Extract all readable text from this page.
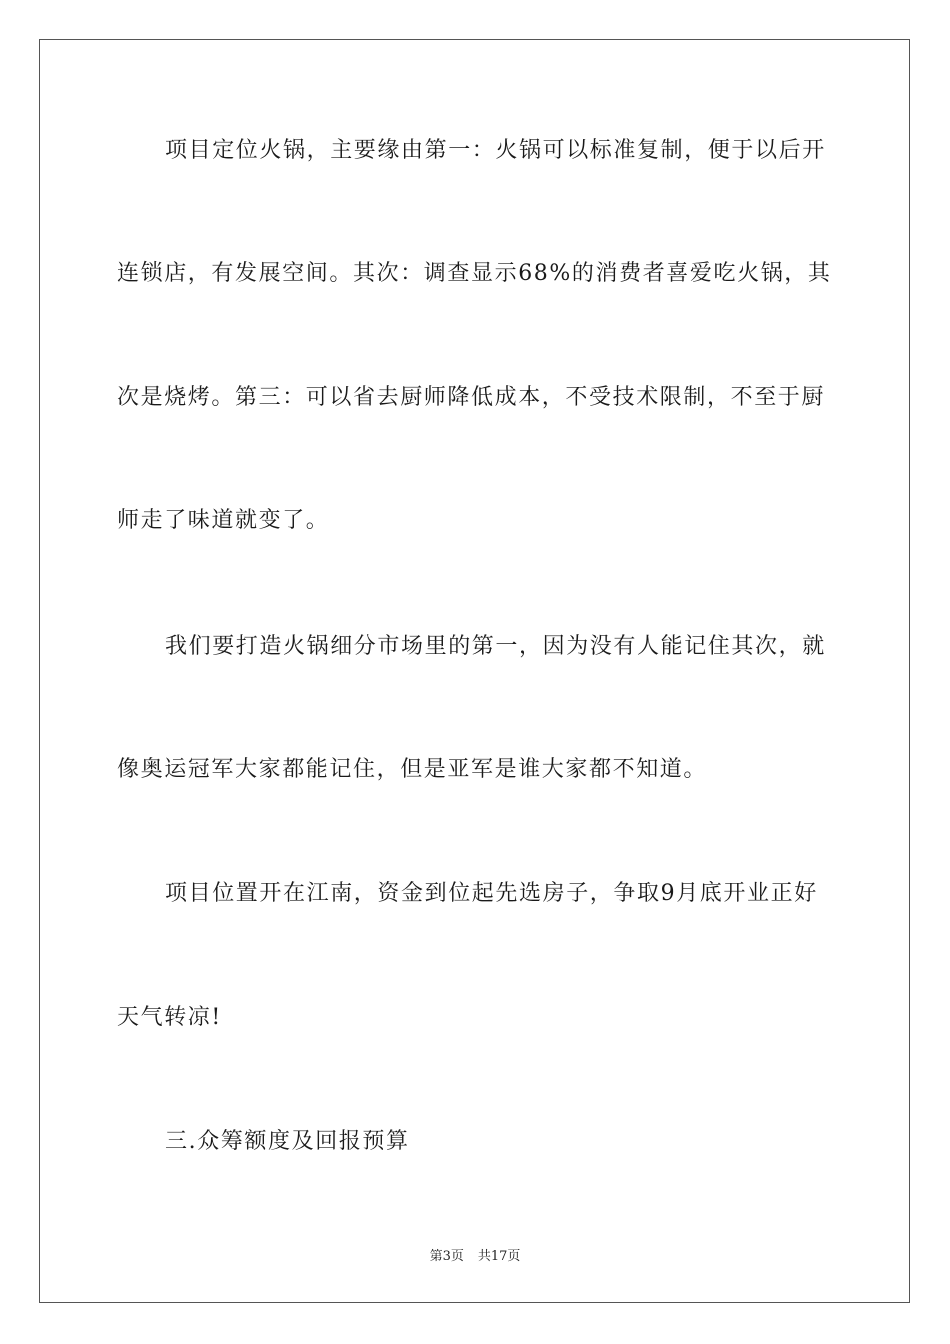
项目定位火锅，主要缘由第一：火锅可以标准复制，便于以后开
连锁店，有发展空间。其次：调查显示68%的消费者喜爱吃火锅，其
次是烧烤。第三：可以省去厨师降低成本，不受技术限制，不至于厨
师走了味道就变了。
我们要打造火锅细分市场里的第一，因为没有人能记住其次，就
像奥运冠军大家都能记住，但是亚军是谁大家都不知道。
项目位置开在江南，资金到位起先选房子，争取9月底开业正好
天气转凉!
三.众筹额度及回报预算
第3页 共17页
